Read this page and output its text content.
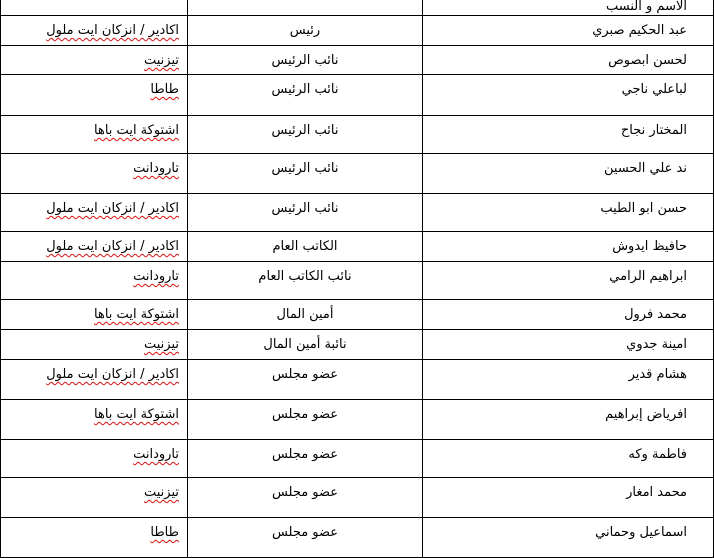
		الاسم و النسب
اكادير / انزكان ايت ملول	رئيس	عبد الحكيم صبري
تيزنيت	نائب الرئيس	لحسن ابصوص
طاطا	نائب الرئيس	لباعلي ناجي
اشتوكة ايت باها	نائب الرئيس	المختار نجاح
تارودانت	نائب الرئيس	ند علي الحسين
اكادير / انزكان ايت ملول	نائب الرئيس	حسن ابو الطيب
اكادير / انزكان ايت ملول	الكاتب العام	حافيظ ايدوش
تارودانت	نائب الكاتب العام	ابراهيم الرامي
اشتوكة ايت باها	أمين المال	محمد فرول
تيزنيت	نائبة أمين المال	امينة جدوي
اكادير / انزكان ايت ملول	عضو مجلس	هشام قدير
اشتوكة ايت باها	عضو مجلس	افرياض إبراهيم
تارودانت	عضو مجلس	فاطمة وكه
تيزنيت	عضو مجلس	محمد امغار
طاطا	عضو مجلس	اسماعيل وحماني
